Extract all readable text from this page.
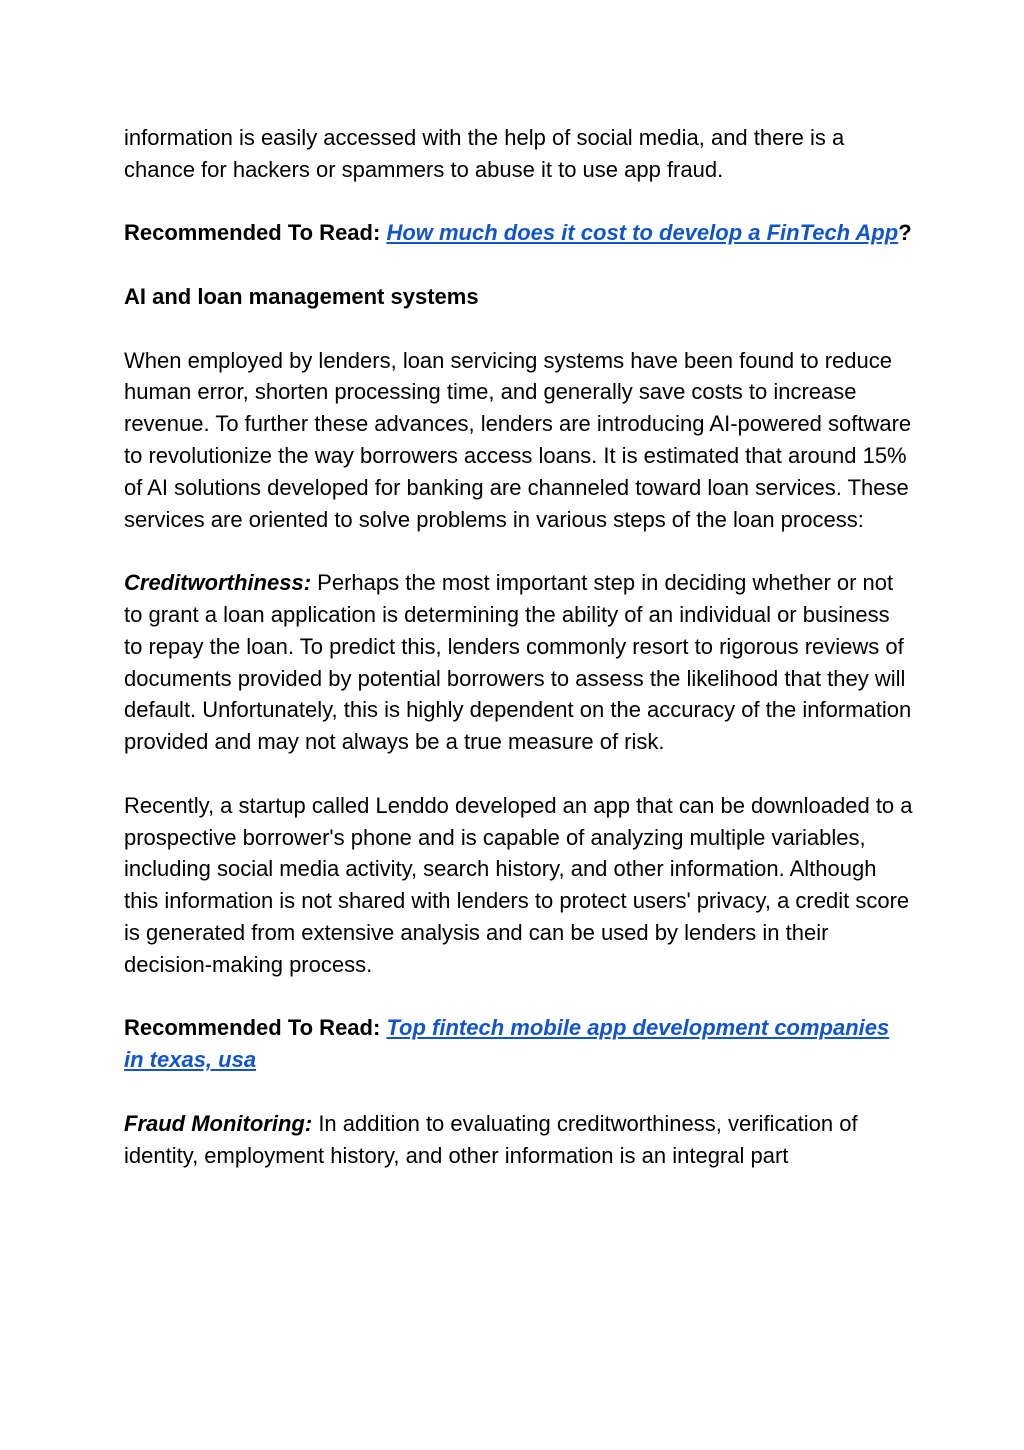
information is easily accessed with the help of social media, and there is a chance for hackers or spammers to abuse it to use app fraud.

Recommended To Read: How much does it cost to develop a FinTech App?

AI and loan management systems

When employed by lenders, loan servicing systems have been found to reduce human error, shorten processing time, and generally save costs to increase revenue. To further these advances, lenders are introducing AI-powered software to revolutionize the way borrowers access loans. It is estimated that around 15% of AI solutions developed for banking are channeled toward loan services. These services are oriented to solve problems in various steps of the loan process:

Creditworthiness: Perhaps the most important step in deciding whether or not to grant a loan application is determining the ability of an individual or business to repay the loan. To predict this, lenders commonly resort to rigorous reviews of documents provided by potential borrowers to assess the likelihood that they will default. Unfortunately, this is highly dependent on the accuracy of the information provided and may not always be a true measure of risk.

Recently, a startup called Lenddo developed an app that can be downloaded to a prospective borrower's phone and is capable of analyzing multiple variables, including social media activity, search history, and other information. Although this information is not shared with lenders to protect users' privacy, a credit score is generated from extensive analysis and can be used by lenders in their decision-making process.

Recommended To Read: Top fintech mobile app development companies in texas, usa

Fraud Monitoring: In addition to evaluating creditworthiness, verification of identity, employment history, and other information is an integral part
